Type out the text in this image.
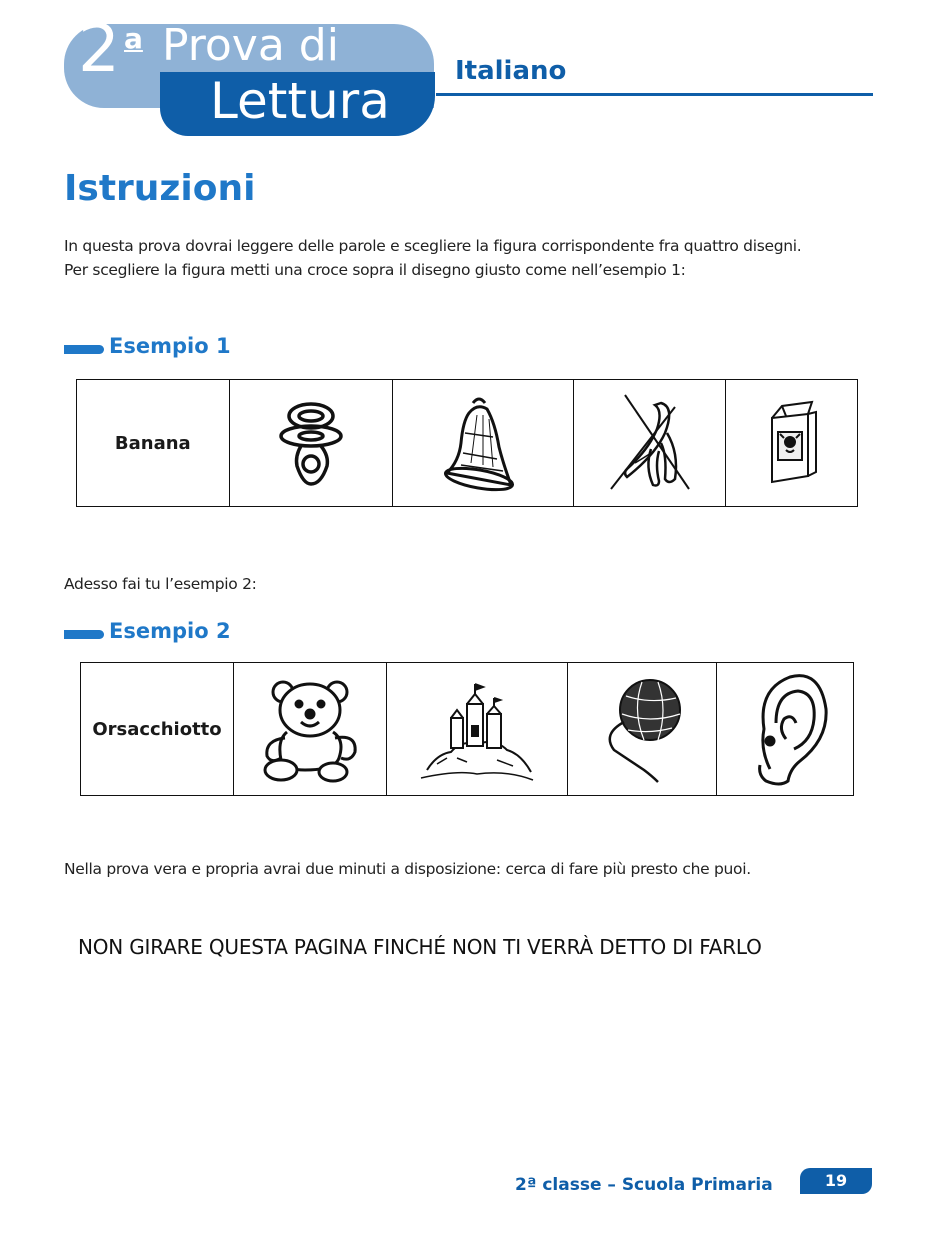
2 a Prova di
Lettura
Italiano
Istruzioni
In questa prova dovrai leggere delle parole e scegliere la figura corrispondente fra quattro disegni.
Per scegliere la figura metti una croce sopra il disegno giusto come nell’esempio 1:
Esempio 1
Banana	

Adesso fai tu l’esempio 2:
Esempio 2
Orsacchiotto	

Nella prova vera e propria avrai due minuti a disposizione: cerca di fare più presto che puoi.
NON GIRARE QUESTA PAGINA FINCHÉ NON TI VERRÀ DETTO DI FARLO
2ª classe – Scuola Primaria	19
